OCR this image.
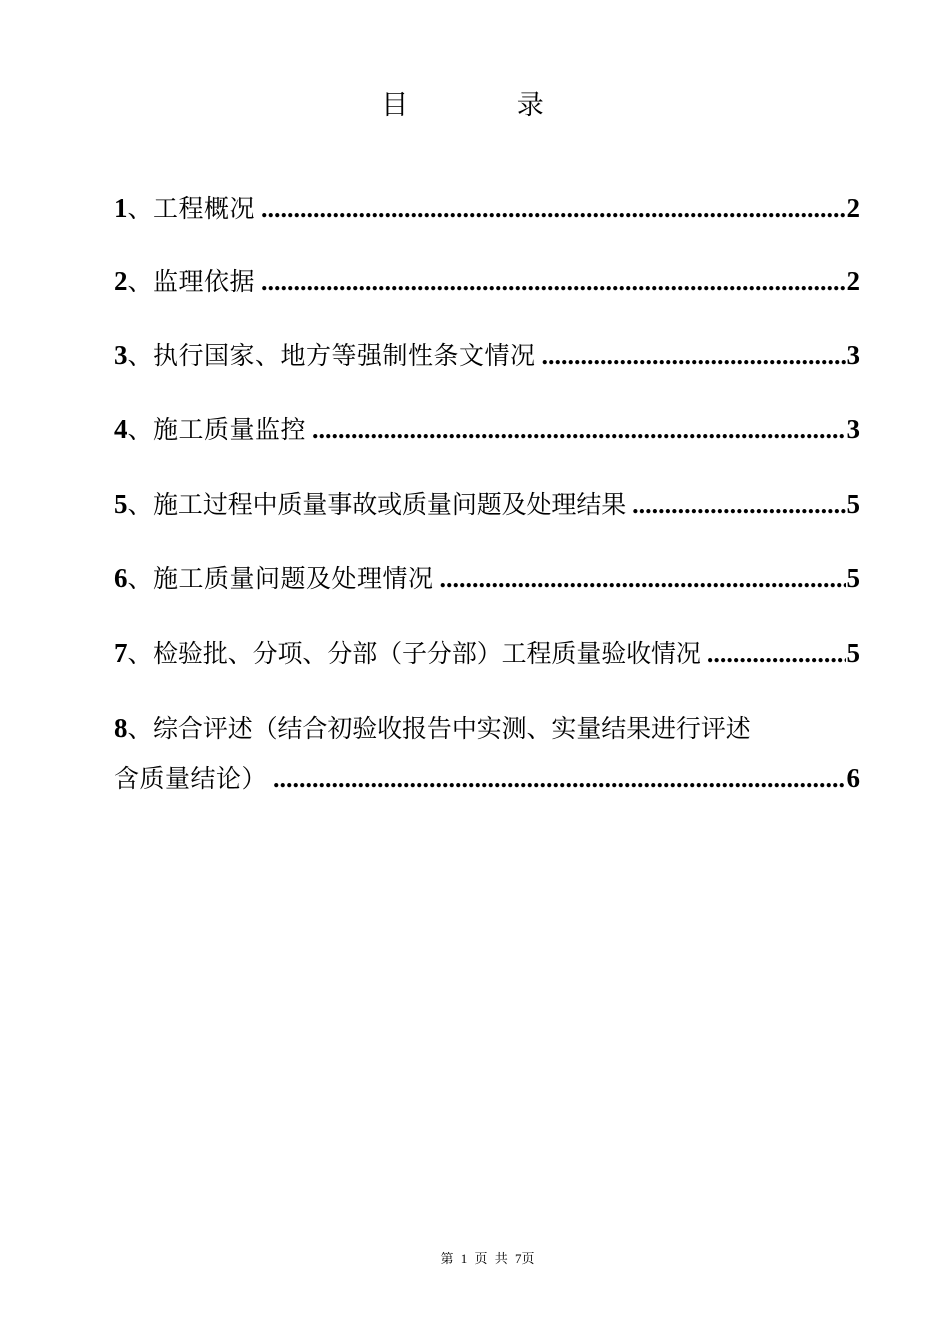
目 录
1 、 工程概况 .....	2
2 、 监理依据 .....	2
3 、 执行国家、地方等强制性条文情况 .....	3
4 、 施工质量监控 .....	3
5 、 施工过程中质量事故或质量问题及处理结果 .....	5
6 、 施工质量问题及处理情况 .....	5
7 、 检验批、分项、分部（子分部）工程质量验收情况 .....	5
8 、 综合评述（结合初验收报告中实测、实量结果进行评述
含质量结论） .....	6
第 1 页 共 7页
